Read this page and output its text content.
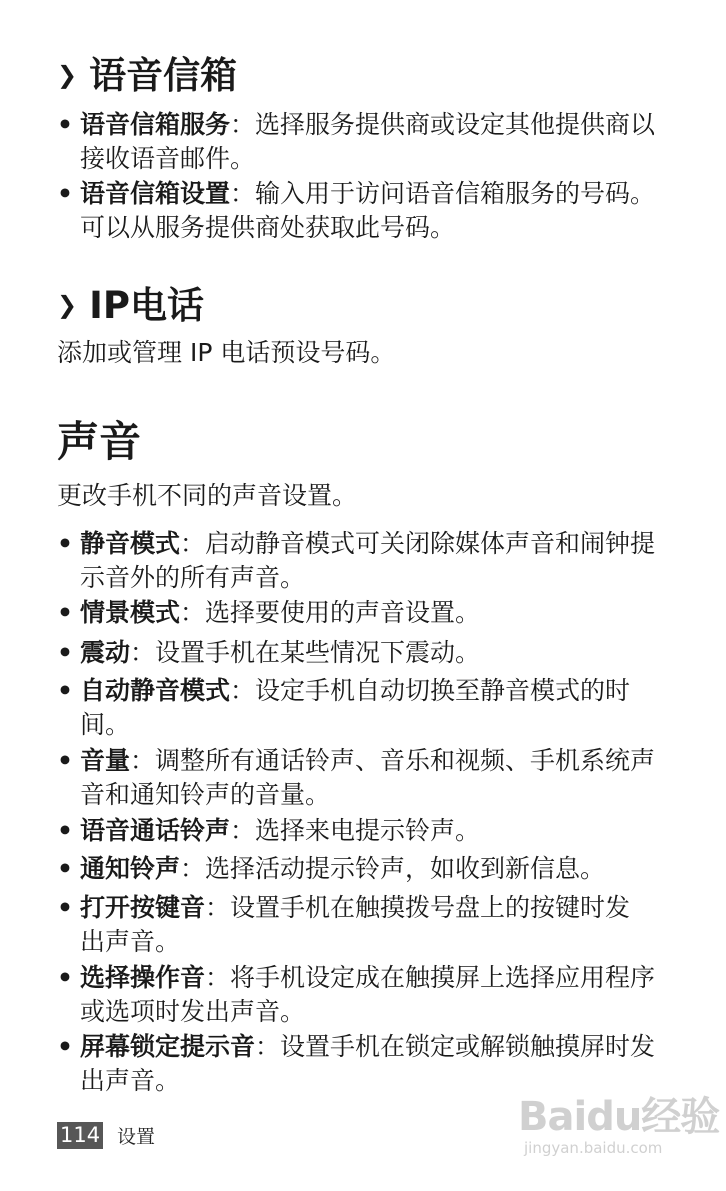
❯ 语音信箱
• 语音信箱服务：选择服务提供商或设定其他提供商以接收语音邮件。
• 语音信箱设置：输入用于访问语音信箱服务的号码。可以从服务提供商处获取此号码。
❯ IP电话

添加或管理 IP 电话预设号码。

声音

更改手机不同的声音设置。

• 静音模式：启动静音模式可关闭除媒体声音和闹钟提示音外的所有声音。
• 情景模式：选择要使用的声音设置。
• 震动：设置手机在某些情况下震动。
• 自动静音模式：设定手机自动切换至静音模式的时间。
• 音量：调整所有通话铃声、音乐和视频、手机系统声音和通知铃声的音量。
• 语音通话铃声：选择来电提示铃声。
• 通知铃声：选择活动提示铃声，如收到新信息。
• 打开按键音：设置手机在触摸拨号盘上的按键时发出声音。
• 选择操作音：将手机设定成在触摸屏上选择应用程序或选项时发出声音。
• 屏幕锁定提示音：设置手机在锁定或解锁触摸屏时发出声音。
114 设置	Baidu经验
jingyan.baidu.com
